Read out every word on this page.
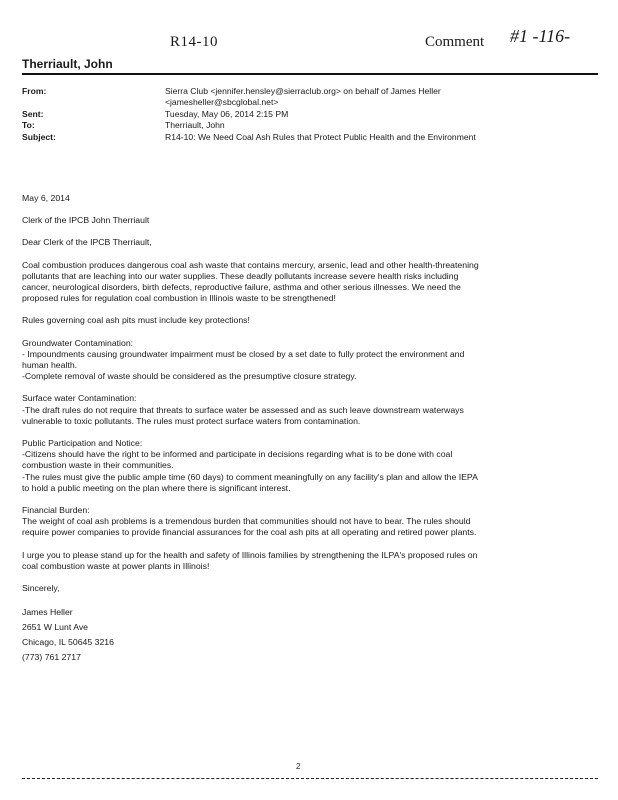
R14-10	Comment #1 -116-
Therriault, John
From:	Sierra Club <jennifer.hensley@sierraclub.org> on behalf of James Heller
<jamesheller@sbcglobal.net>
Sent:	Tuesday, May 06, 2014 2:15 PM
To:	Therriault, John
Subject:	R14-10: We Need Coal Ash Rules that Protect Public Health and the Environment

May 6, 2014

Clerk of the IPCB John Therriault

Dear Clerk of the IPCB Therriault,

Coal combustion produces dangerous coal ash waste that contains mercury, arsenic, lead and other health-threatening
pollutants that are leaching into our water supplies. These deadly pollutants increase severe health risks including
cancer, neurological disorders, birth defects, reproductive failure, asthma and other serious illnesses. We need the
proposed rules for regulation coal combustion in Illinois waste to be strengthened!

Rules governing coal ash pits must include key protections!

Groundwater Contamination:
- Impoundments causing groundwater impairment must be closed by a set date to fully protect the environment and
human health.
-Complete removal of waste should be considered as the presumptive closure strategy.

Surface water Contamination:
-The draft rules do not require that threats to surface water be assessed and as such leave downstream waterways
vulnerable to toxic pollutants. The rules must protect surface waters from contamination.

Public Participation and Notice:
-Citizens should have the right to be informed and participate in decisions regarding what is to be done with coal
combustion waste in their communities.
-The rules must give the public ample time (60 days) to comment meaningfully on any facility's plan and allow the IEPA
to hold a public meeting on the plan where there is significant interest.

Financial Burden:
The weight of coal ash problems is a tremendous burden that communities should not have to bear. The rules should
require power companies to provide financial assurances for the coal ash pits at all operating and retired power plants.

I urge you to please stand up for the health and safety of Illinois families by strengthening the ILPA's proposed rules on
coal combustion waste at power plants in Illinois!

Sincerely,

James Heller
2651 W Lunt Ave
Chicago, IL 50645 3216
(773) 761 2717

2
